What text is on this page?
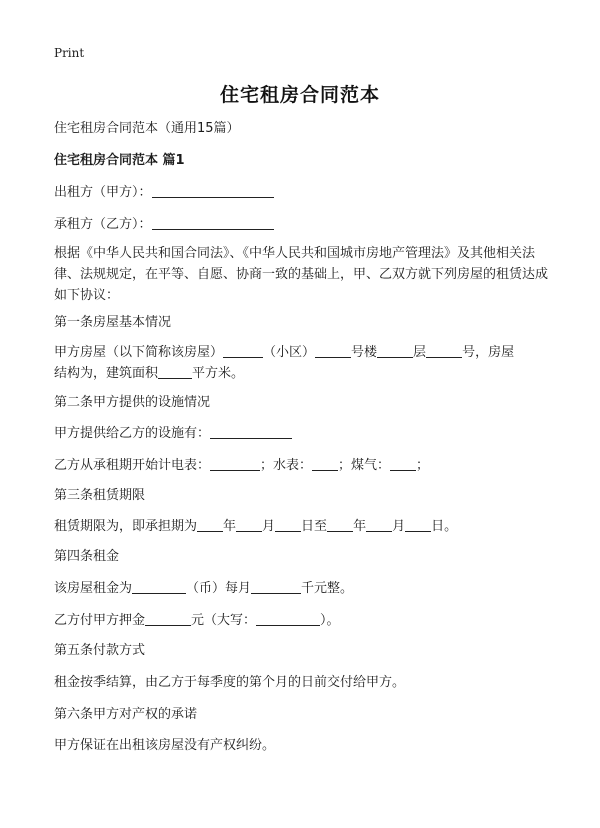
Print
住宅租房合同范本
住宅租房合同范本（通用15篇）
住宅租房合同范本 篇1
出租方（甲方）：
承租方（乙方）：
根据《中华人民共和国合同法》、《中华人民共和国城市房地产管理法》及其他相关法律、法规规定，在平等、自愿、协商一致的基础上，甲、乙双方就下列房屋的租赁达成如下协议：
第一条房屋基本情况
甲方房屋（以下简称该房屋）	（小区）	号楼	层	号，房屋
结构为，建筑面积	平方米。
第二条甲方提供的设施情况
甲方提供给乙方的设施有：
乙方从承租期开始计电表：	；水表： ；煤气： ；
第三条租赁期限
租赁期限为，即承担期为 年 月 日至 年 月 日。
第四条租金
该房屋租金为	（币）每月	千元整。
乙方付甲方押金	元（大写：	）。
第五条付款方式
租金按季结算，由乙方于每季度的第个月的日前交付给甲方。
第六条甲方对产权的承诺
甲方保证在出租该房屋没有产权纠纷。
